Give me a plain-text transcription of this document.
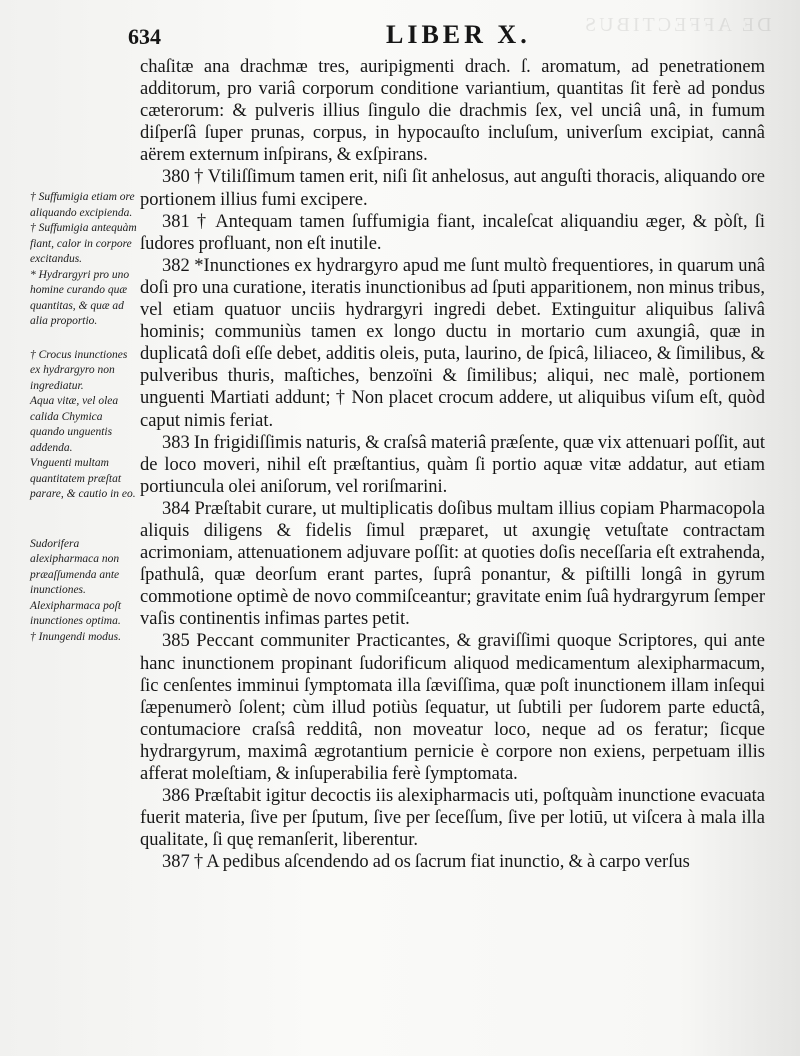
DE AFFECTIBUS
634	LIBER X.

chaſitæ ana drachmæ tres, auripigmenti drach. ſ. aromatum, ad penetrationem additorum, pro variâ corporum conditione variantium, quantitas ſit ferè ad pondus cæterorum: & pulveris illius ſingulo die drachmis ſex, vel unciâ unâ, in fumum diſperſâ ſuper prunas, corpus, in hypocauſto incluſum, univerſum excipiat, cannâ aërem externum inſpirans, & exſpirans.

380 † Vtiliſſimum tamen erit, niſi ſit anhelosus, aut anguſti thoracis, aliquando ore portionem illius fumi excipere.

381 † Antequam tamen ſuffumigia fiant, incaleſcat aliquandiu æger, & pòſt, ſi ſudores profluant, non eſt inutile.

382 *Inunctiones ex hydrargyro apud me ſunt multò frequentiores, in quarum unâ doſi pro una curatione, iteratis inunctionibus ad ſputi apparitionem, non minus tribus, vel etiam quatuor unciis hydrargyri ingredi debet. Extinguitur aliquibus ſalivâ hominis; communiùs tamen ex longo ductu in mortario cum axungiâ, quæ in duplicatâ doſi eſſe debet, additis oleis, puta, laurino, de ſpicâ, liliaceo, & ſimilibus, & pulveribus thuris, maſtiches, benzoïni & ſimilibus; aliqui, nec malè, portionem unguenti Martiati addunt; † Non placet crocum addere, ut aliquibus viſum eſt, quòd caput nimis feriat.

383 In frigidiſſimis naturis, & craſsâ materiâ præſente, quæ vix attenuari poſſit, aut de loco moveri, nihil eſt præſtantius, quàm ſi portio aquæ vitæ addatur, aut etiam portiuncula olei aniſorum, vel roriſmarini.

384 Præſtabit curare, ut multiplicatis doſibus multam illius copiam Pharmacopola aliquis diligens & fidelis ſimul præparet, ut axungię vetuſtate contractam acrimoniam, attenuationem adjuvare poſſit: at quoties doſis neceſſaria eſt extrahenda, ſpathulâ, quæ deorſum erant partes, ſuprâ ponantur, & piſtilli longâ in gyrum commotione optimè de novo commiſceantur; gravitate enim ſuâ hydrargyrum ſemper vaſis continentis infimas partes petit.

385 Peccant communiter Practicantes, & graviſſimi quoque Scriptores, qui ante hanc inunctionem propinant ſudorificum aliquod medicamentum alexipharmacum, ſic cenſentes imminui ſymptomata illa ſæviſſima, quæ poſt inunctionem illam inſequi ſæpenumerò ſolent; cùm illud potiùs ſequatur, ut ſubtili per ſudorem parte eductâ, contumaciore craſsâ redditâ, non moveatur loco, neque ad os feratur; ſicque hydrargyrum, maximâ ægrotantium pernicie è corpore non exiens, perpetuam illis afferat moleſtiam, & inſuperabilia ferè ſymptomata.

386 Præſtabit igitur decoctis iis alexipharmacis uti, poſtquàm inunctione evacuata fuerit materia, ſive per ſputum, ſive per ſeceſſum, ſive per lotiū, ut viſcera à mala illa qualitate, ſi quę remanſerit, liberentur.

387 † A pedibus aſcendendo ad os ſacrum fiat inunctio, & à carpo verſus

† Suffumigia etiam ore aliquando excipienda.

† Suffumigia antequàm fiant, calor in corpore excitandus.

* Hydrargyri pro uno homine curando quæ quantitas, & quæ ad alia proportio.

† Crocus inunctiones ex hydrargyro non ingrediatur.

Aqua vitæ, vel olea calida Chymica quando unguentis addenda.

Vnguenti multam quantitatem præſtat parare, & cautio in eo.

Sudorifera alexipharmaca non præaſſumenda ante inunctiones.

Alexipharmaca poſt inunctiones optima.

† Inungendi modus.
